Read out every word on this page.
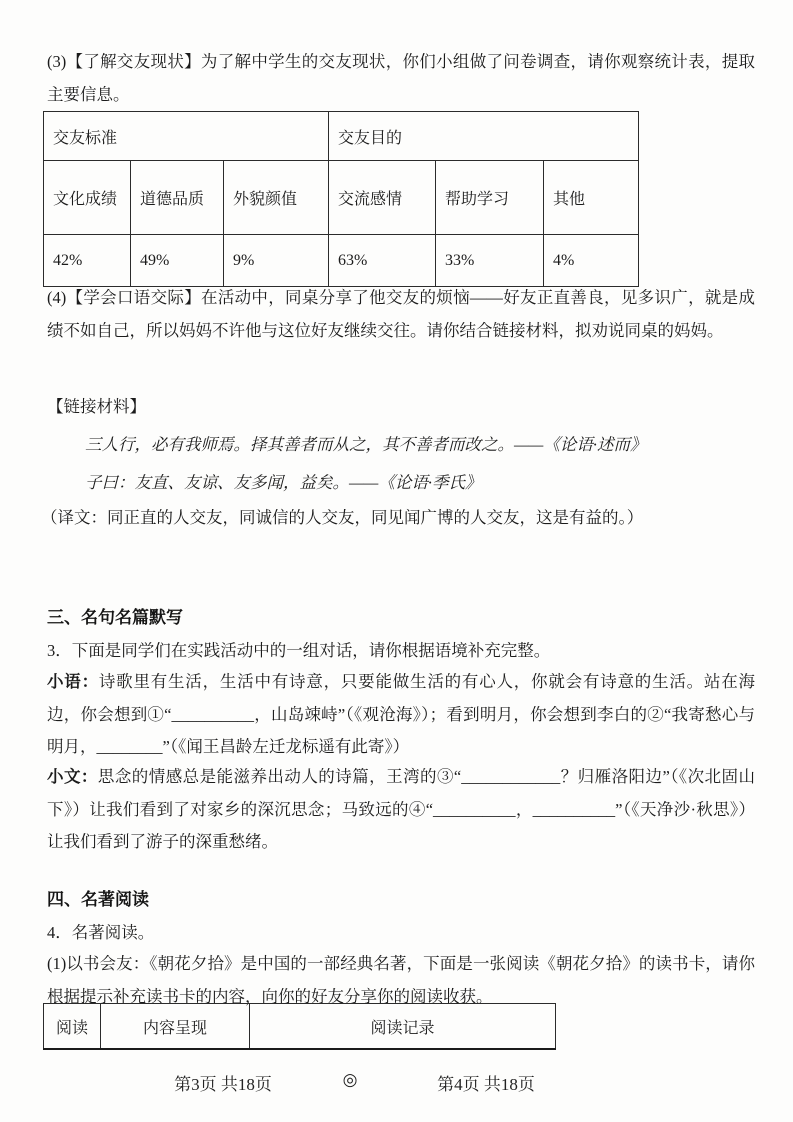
(3)【了解交友现状】为了解中学生的交友现状，你们小组做了问卷调查，请你观察统计表，提取主要信息。

交友标准			交友目的		
文化成绩	道德品质	外貌颜值	交流感情	帮助学习	其他
42%	49%	9%	63%	33%	4%

(4)【学会口语交际】在活动中，同桌分享了他交友的烦恼——好友正直善良，见多识广，就是成绩不如自己，所以妈妈不许他与这位好友继续交往。请你结合链接材料，拟劝说同桌的妈妈。

【链接材料】

三人行，必有我师焉。择其善者而从之，其不善者而改之。——《论语·述而》

子曰：友直、友谅、友多闻，益矣。——《论语·季氏》

（译文：同正直的人交友，同诚信的人交友，同见闻广博的人交友，这是有益的。）

三、名句名篇默写

3．下面是同学们在实践活动中的一组对话，请你根据语境补充完整。

小语：诗歌里有生活，生活中有诗意，只要能做生活的有心人，你就会有诗意的生活。站在海边，你会想到①“__________，山岛竦峙”（《观沧海》）；看到明月，你会想到李白的②“我寄愁心与明月，________”（《闻王昌龄左迁龙标遥有此寄》）

小文：思念的情感总是能滋养出动人的诗篇，王湾的③“____________？归雁洛阳边”（《次北固山下》）让我们看到了对家乡的深沉思念；马致远的④“__________，__________”（《天净沙·秋思》）让我们看到了游子的深重愁绪。

四、名著阅读

4．名著阅读。

(1)以书会友：《朝花夕拾》是中国的一部经典名著，下面是一张阅读《朝花夕拾》的读书卡，请你根据提示补充读书卡的内容，向你的好友分享你的阅读收获。

阅读	内容呈现	阅读记录
第3页 共18页	◎	第4页 共18页
